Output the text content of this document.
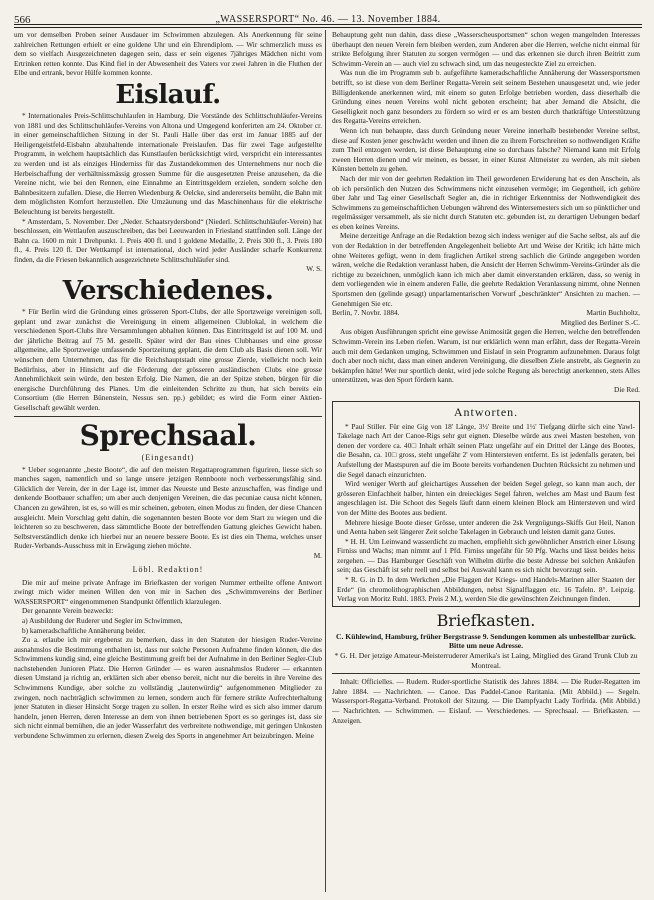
566	„WASSERSPORT“ No. 46. — 13. November 1884.

um vor demselben Proben seiner Ausdauer im Schwimmen abzulegen. Als Anerkennung für seine zahlreichen Rettungen erhielt er eine goldene Uhr und ein Ehrendiplom. — Wir schmerzlich muss es dem so vielfach Ausgezeichneten dagegen sein, dass er sein eigenes 7jähriges Mädchen nicht vom Ertrinken retten konnte. Das Kind fiel in der Abwesenheit des Vaters vor zwei Jahren in die Fluthen der Elbe und ertrank, bevor Hülfe kommen konnte.

Eislauf.

* Internationales Preis-Schlittschuhlaufen in Hamburg. Die Vorstände des Schlittschuhläufer-Vereins von 1881 und des Schlittschuhläufer-Vereins von Altona und Umgegend konferirten am 24. Oktober cr. in einer gemeinschaftlichen Sitzung in der St. Pauli Halle über das erst im Januar 1885 auf der Heiligengeistfeld-Eisbahn abzuhaltende internationale Preislaufen. Das für zwei Tage aufgestellte Programm, in welchem hauptsächlich das Kunstlaufen berücksichtigt wird, verspricht ein interessantes zu werden und ist als einziges Hinderniss für das Zustandekommen des Unternehmens nur noch die Herbeischaffung der verhältnissmässig grossen Summe für die ausgesetzten Preise anzusehen, da die Vereine nicht, wie bei den Rennen, eine Einnahme an Eintrittsgeldern erzielen, sondern solche den Bahnbesitzern zufallen. Diese, die Herren Wiedenburg & Oelcke, sind andererseits bemüht, die Bahn mit dem möglichsten Komfort herzustellen. Die Umzäunung und das Maschinenhaus für die elektrische Beleuchtung ist bereits hergestellt.

* Amsterdam, 5. November. Der „Neder. Schaatsrydersbond“ (Niederl. Schlittschuhläufer-Verein) hat beschlossen, ein Wettlaufen auszuschreiben, das bei Leeuwarden in Friesland stattfinden soll. Länge der Bahn ca. 1600 m mit 1 Drehpunkt. 1. Preis 400 fl. und 1 goldene Medaille, 2. Preis 300 fl., 3. Preis 180 fl., 4. Preis 120 fl. Der Wettkampf ist international, doch wird jeder Ausländer scharfe Konkurrenz finden, da die Friesen bekanntlich ausgezeichnete Schlittschuhläufer sind.

W. S.
Verschiedenes.

* Für Berlin wird die Gründung eines grösseren Sport-Clubs, der alle Sportzweige vereinigen soll, geplant und zwar zunächst die Vereinigung in einem allgemeinen Clublokal, in welchem die verschiedenen Sport-Clubs ihre Versammlungen abhalten können. Das Eintrittsgeld ist auf 100 M. und der jährliche Beitrag auf 75 M. gestellt. Später wird der Bau eines Clubhauses und eine grosse allgemeine, alle Sportzweige umfassende Sportzeitung geplant, die dem Club als Basis dienen soll. Wir wünschen dem Unternehmen, das für die Reichshauptstadt eine grosse Zierde, vielleicht noch kein Bedürfniss, aber in Hinsicht auf die Förderung der grösseren ausländischen Clubs eine grosse Annehmlichkeit sein würde, den besten Erfolg. Die Namen, die an der Spitze stehen, bürgen für die energische Durchführung des Planes. Um die einleitenden Schritte zu thun, hat sich bereits ein Consortium (die Herren Bünenstein, Nessus sen. pp.) gebildet; es wird die Form einer Aktien-Gesellschaft gewählt werden.

Sprechsaal.
(Eingesandt)

* Ueber sogenannte „beste Boote“, die auf den meisten Regattaprogrammen figuriren, liesse sich so manches sagen, namentlich und so lange unsere jetzigen Rennboote noch verbesserungsfähig sind. Glücklich der Verein, der in der Lage ist, immer das Neueste und Beste anzuschaffen, was findige und denkende Bootbauer schaffen; um aber auch denjenigen Vereinen, die das pecuniae causa nicht können, Chancen zu gewähren, ist es, so will es mir scheinen, geboten, einen Modus zu finden, der diese Chancen ausgleicht. Mein Vorschlag geht dahin, die sogenannten besten Boote vor dem Start zu wiegen und die leichteren so zu beschweren, dass sämmtliche Boote der betreffenden Gattung gleiches Gewicht haben. Selbstverständlich denke ich hierbei nur an neuere bessere Boote. Es ist dies ein Thema, welches unser Ruder-Verbands-Ausschuss mit in Erwägung ziehen möchte.

M.
Löbl. Redaktion!

Die mir auf meine private Anfrage im Briefkasten der vorigen Nummer ertheilte offene Antwort zwingt mich wider meinen Willen den von mir in Sachen des „Schwimmvereins der Berliner WASSERSPORT“ eingenommenen Standpunkt öffentlich klarzulegen.

Der genannte Verein bezweckt:

a) Ausbildung der Ruderer und Segler im Schwimmen,

b) kameradschaftliche Annäherung beider.

Zu a. erlaube ich mir ergebenst zu bemerken, dass in den Statuten der hiesigen Ruder-Vereine ausnahmslos die Bestimmung enthalten ist, dass nur solche Personen Aufnahme finden können, die des Schwimmens kundig sind, eine gleiche Bestimmung greift bei der Aufnahme in den Berliner Segler-Club nachstehenden Junioren Platz. Die Herren Gründer — es waren ausnahmslos Ruderer — erkannten diesen Umstand ja richtig an, erklärten sich aber ebenso bereit, nicht nur die bereits in ihre Vereine des Schwimmens Kundige, aber solche zu vollständig „lautenwürdig“ aufgenommenen Mitglieder zu zwingen, noch nachträglich schwimmen zu lernen, sondern auch für fernere strikte Aufrechterhaltung jener Statuten in dieser Hinsicht Sorge tragen zu sollen. In erster Reihe wird es sich also immer darum handeln, jenen Herren, deren Interesse an dem von ihnen betriebenen Sport es so geringes ist, dass sie sich nicht einmal bemühen, die an jeder Wasserfahrt des verbreitete nothwendige, mit geringen Unkosten verbundene Schwimmen zu erlernen, diesen Zweig des Sports in angenehmer Art beizubringen. Meine

Behauptung geht nun dahin, dass diese „Wasserscheusportsmen“ schon wegen mangelnden Interesses überhaupt den neuen Verein fern bleiben werden, zum Anderen aber die Herren, welche nicht einmal für strikte Befolgung ihrer Statuten zu sorgen vermögen — und das erkennen sie durch ihren Beitritt zum Schwimm-Verein an — auch viel zu schwach sind, um das neugesteckte Ziel zu erreichen.

Was nun die im Programm sub b. aufgeführte kameradschaftliche Annäherung der Wassersportsmen betrifft, so ist diese von dem Berliner Regatta-Verein seit seinem Bestehen unausgesetzt und, wie jeder Billigdenkende anerkennen wird, mit einem so guten Erfolge betrieben worden, dass dieserhalb die Gründung eines neuen Vereins wohl nicht geboten erscheint; hat aber Jemand die Absicht, die Geselligkeit noch ganz besonders zu fördern so wird er es am besten durch thatkräftige Unterstützung des Regatta-Vereins erreichen.

Wenn ich nun behaupte, dass durch Gründung neuer Vereine innerhalb bestehender Vereine selbst, diese auf Kosten jener geschwächt werden und ihnen die zu ihrem Fortschreiten so nothwendigen Kräfte zum Theil entzogen werden, ist diese Behauptung eine so durchaus falsche? Niemand kann mit Erfolg zween Herren dienen und wir meinen, es besser, in einer Kunst Altmeister zu werden, als mit sieben Künsten betteln zu gehen.

Nach der mir von der geehrten Redaktion im Theil gewordenen Erwiderung hat es den Anschein, als ob ich persönlich den Nutzen des Schwimmens nicht einzusehen vermöge; im Gegentheil, ich gehöre über Jahr und Tag einer Gesellschaft Segler an, die in richtiger Erkenntniss der Nothwendigkeit des Schwimmens zu gemeinschaftlichen Uebungen während des Wintersemesters sich um so pünktlicher und regelmässiger versammelt, als sie nicht durch Statuten etc. gebunden ist, zu derartigen Uebungen bedarf es eben keines Vereins.

Meine derzeitige Anfrage an die Redaktion bezog sich indess weniger auf die Sache selbst, als auf die von der Redaktion in der betreffenden Angelegenheit beliebte Art und Weise der Kritik; ich hätte mich ohne Weiteres gefügt, wenn in dem fraglichen Artikel streng sachlich die Gründe angegeben worden wären, welche die Redaktion veranlasst haben, die Ansicht der Herren Schwimm-Vereins-Gründer als die richtige zu bezeichnen, unmöglich kann ich mich aber damit einverstanden erklären, dass, so wenig in dem vorliegenden wie in einem anderen Falle, die geehrte Redaktion Veranlassung nimmt, ohne Nennen Sportsmen den (gelinde gesagt) unparlamentarischen Vorwurf „beschränkter“ Ansichten zu machen. — Genehmigen Sie etc.

Berlin, 7. Novbr. 1884.	Martin Buchholtz,
Mitglied des Berliner S.-C.

Aus obigen Ausführungen spricht eine gewisse Animosität gegen die Herren, welche den betreffenden Schwimm-Verein ins Leben riefen. Warum, ist nur erklärlich wenn man erfährt, dass der Regatta-Verein auch mit dem Gedanken umging, Schwimmen und Eislauf in sein Programm aufzunehmen. Daraus folgt doch aber noch nicht, dass man einen anderen Vereinigung, die dieselben Ziele anstrebt, als Gegnerin zu bekämpfen hätte! Wer nur sportlich denkt, wird jede solche Regung als berechtigt anerkennen, stets Alles unterstützen, was den Sport fördern kann.

Die Red.
Antworten.

* Paul Stiller. Für eine Gig von 18' Länge, 3½' Breite und 1½' Tiefgang dürfte sich eine Yawl-Takelage nach Art der Canoe-Rigs sehr gut eignen. Dieselbe würde aus zwei Masten bestehen, von denen der vordere ca. 40□ Inhalt erhält seinen Platz ungefähr auf ein Drittel der Länge des Bootes, die Besahn, ca. 10□ gross, steht ungefähr 2' vom Hintersteven entfernt. Es ist jedenfalls geraten, bei Aufstellung der Mastspuren auf die im Boote bereits vorhandenen Duchten Rücksicht zu nehmen und die Segel danach einzurichten.

Wird weniger Werth auf gleichartiges Aussehen der beiden Segel gelegt, so kann man auch, der grösseren Einfachheit halber, hinten ein dreieckiges Segel fahren, welches am Mast und Baum fest angeschlagen ist. Die Schoot des Segels läuft dann einem kleinen Block am Hintersteven und wird von der Mitte des Bootes aus bedient.

Mehrere hiesige Boote dieser Grösse, unter anderen die 2sk Vergnügungs-Skiffs Gut Heil, Nanon und Aenta haben seit längerer Zeit solche Takelagen in Gebrauch und leisten damit ganz Gutes.

* H. H. Um Leinwand wasserdicht zu machen, empfiehlt sich gewöhnlicher Anstrich einer Lösung Firniss und Wachs; man nimmt auf 1 Pfd. Firniss ungefähr für 50 Pfg. Wachs und lässt beides heiss zergehen. — Das Hamburger Geschäft von Wilhelm dürfte die beste Adresse bei solchen Ankäufen sein; das Geschäft ist sehr reell und selbst bei Auswahl kann es sich nicht bevorzugt sein.

* R. G. in D. In dem Werkchen „Die Flaggen der Kriegs- und Handels-Marinen aller Staaten der Erde“ (in chromolithographischen Abbildungen, nebst Signalflaggen etc. 16 Tafeln. 8°. Leipzig. Verlag von Moritz Ruhl. 1883. Preis 2 M.), werden Sie die gewünschten Zeichnungen finden.

Briefkasten.
C. Kühlewind, Hamburg, früher Bergstrasse 9. Sendungen kommen als unbestellbar zurück. Bitte um neue Adresse.
* G. H. Der jetzige Amateur-Meisterruderer Amerika's ist Laing, Mitglied des Grand Trunk Club zu Montreal.

Inhalt: Officielles. — Rudern. Ruder-sportliche Statistik des Jahres 1884. — Die Ruder-Regatten im Jahre 1884. — Nachrichten. — Canoe. Das Paddel-Canoe Raritania. (Mit Abbild.) — Segeln. Wassersport-Regatta-Verband. Protokoll der Sitzung. — Die Dampfyacht Lady Torfrida. (Mit Abbild.) — Nachrichten. — Schwimmen. — Eislauf. — Verschiedenes. — Sprechsaal. — Briefkasten. — Anzeigen.
